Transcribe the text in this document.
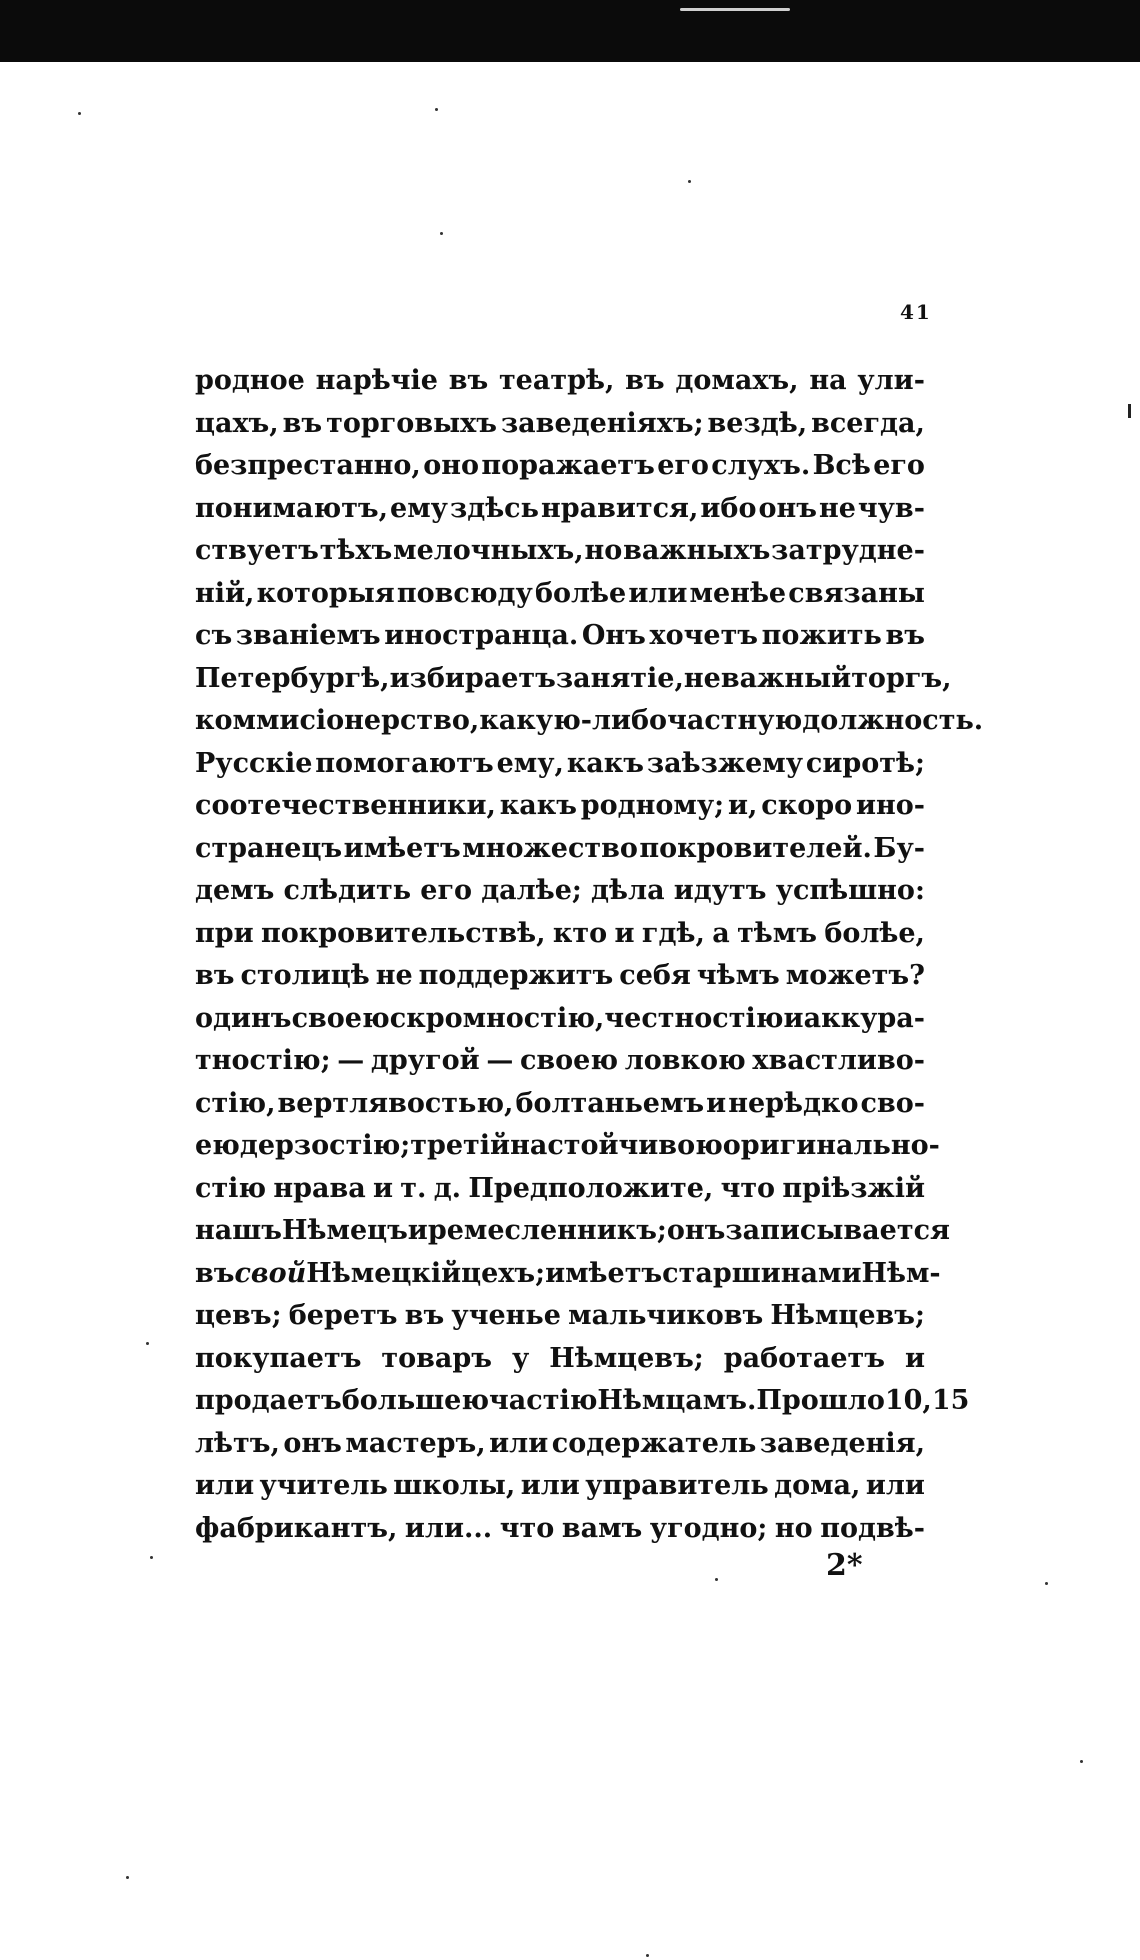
41
родное нарѣчіе въ театрѣ, въ домахъ, на ули-
цахъ, въ торговыхъ заведеніяхъ; вездѣ, всегда,
безпрестанно, оно поражаетъ его слухъ. Всѣ его
понимаютъ, ему здѣсь нравится, ибо онъ не чув-
ствуетъ тѣхъ мелочныхъ, но важныхъ затрудне-
ній, которыя повсюду болѣе или менѣе связаны
съ званіемъ иностранца. Онъ хочетъ пожить въ
Петербургѣ, избираетъ занятіе, неважный торгъ,
коммисіонерство, какую-либо частную должность.
Русскіе помогаютъ ему, какъ заѣзжему сиротѣ;
соотечественники, какъ родному; и, скоро ино-
странецъ имѣетъ множество покровителей. Бу-
демъ слѣдить его далѣе; дѣла идутъ успѣшно:
при покровительствѣ, кто и гдѣ, а тѣмъ болѣе,
въ столицѣ не поддержитъ себя чѣмъ можетъ?
одинъ своею скромностію, честностію и аккура-
тностію; — другой — своею ловкою хвастливо-
стію, вертлявостью, болтаньемъ и нерѣдко сво-
ею дерзостію; третій настойчивою оригинально-
стію нрава и т. д. Предположите, что пріѣзжій
нашъ Нѣмецъ и ремесленникъ; онъ записывается
въ свой Нѣмецкій цехъ; имѣетъ старшинами Нѣм-
цевъ; беретъ въ ученье мальчиковъ Нѣмцевъ;
покупаетъ товаръ у Нѣмцевъ; работаетъ и
продаетъ большею частію Нѣмцамъ. Прошло 10, 15
лѣтъ, онъ мастеръ, или содержатель заведенія,
или учитель школы, или управитель дома, или
фабрикантъ, или... что вамъ угодно; но подвѣ-
2*
